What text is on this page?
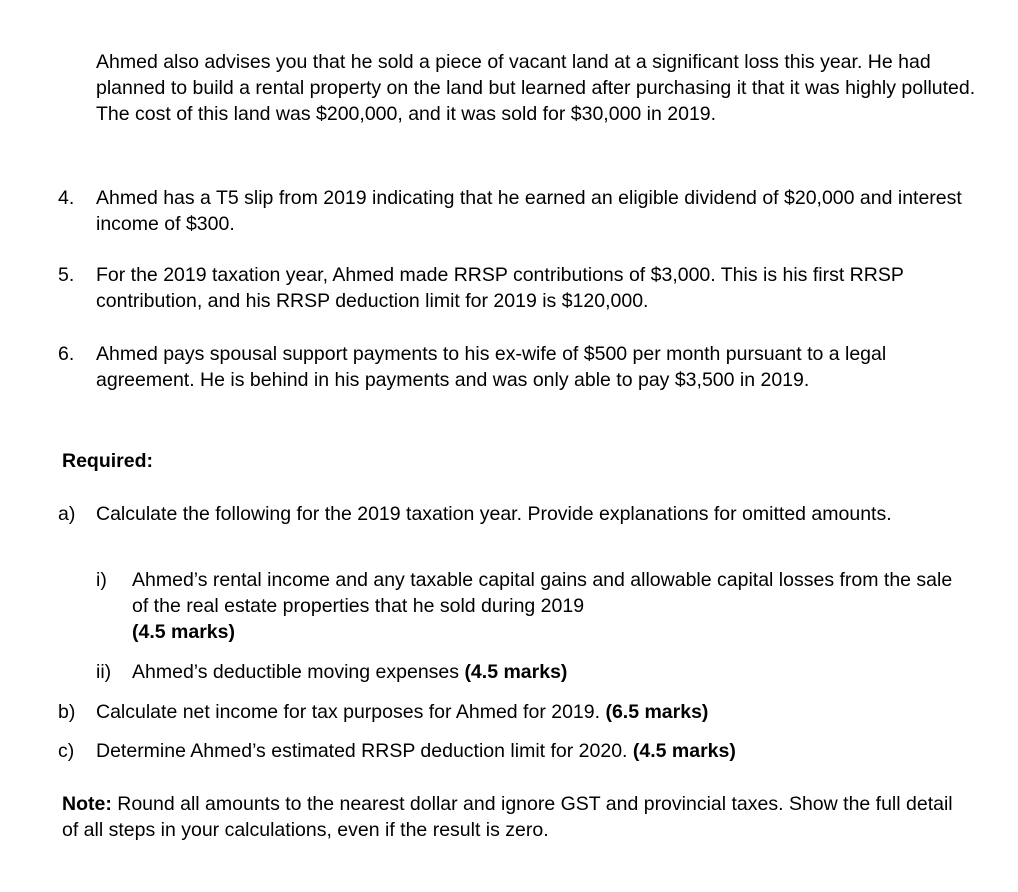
Ahmed also advises you that he sold a piece of vacant land at a significant loss this year. He had planned to build a rental property on the land but learned after purchasing it that it was highly polluted. The cost of this land was $200,000, and it was sold for $30,000 in 2019.

4. Ahmed has a T5 slip from 2019 indicating that he earned an eligible dividend of $20,000 and interest income of $300.
5. For the 2019 taxation year, Ahmed made RRSP contributions of $3,000. This is his first RRSP contribution, and his RRSP deduction limit for 2019 is $120,000.
6. Ahmed pays spousal support payments to his ex-wife of $500 per month pursuant to a legal agreement. He is behind in his payments and was only able to pay $3,500 in 2019.

Required:

a) Calculate the following for the 2019 taxation year. Provide explanations for omitted amounts.
i) Ahmed’s rental income and any taxable capital gains and allowable capital losses from the sale of the real estate properties that he sold during 2019
(4.5 marks)
ii) Ahmed’s deductible moving expenses (4.5 marks)
b) Calculate net income for tax purposes for Ahmed for 2019. (6.5 marks)
c) Determine Ahmed’s estimated RRSP deduction limit for 2020. (4.5 marks)

Note: Round all amounts to the nearest dollar and ignore GST and provincial taxes. Show the full detail of all steps in your calculations, even if the result is zero.
